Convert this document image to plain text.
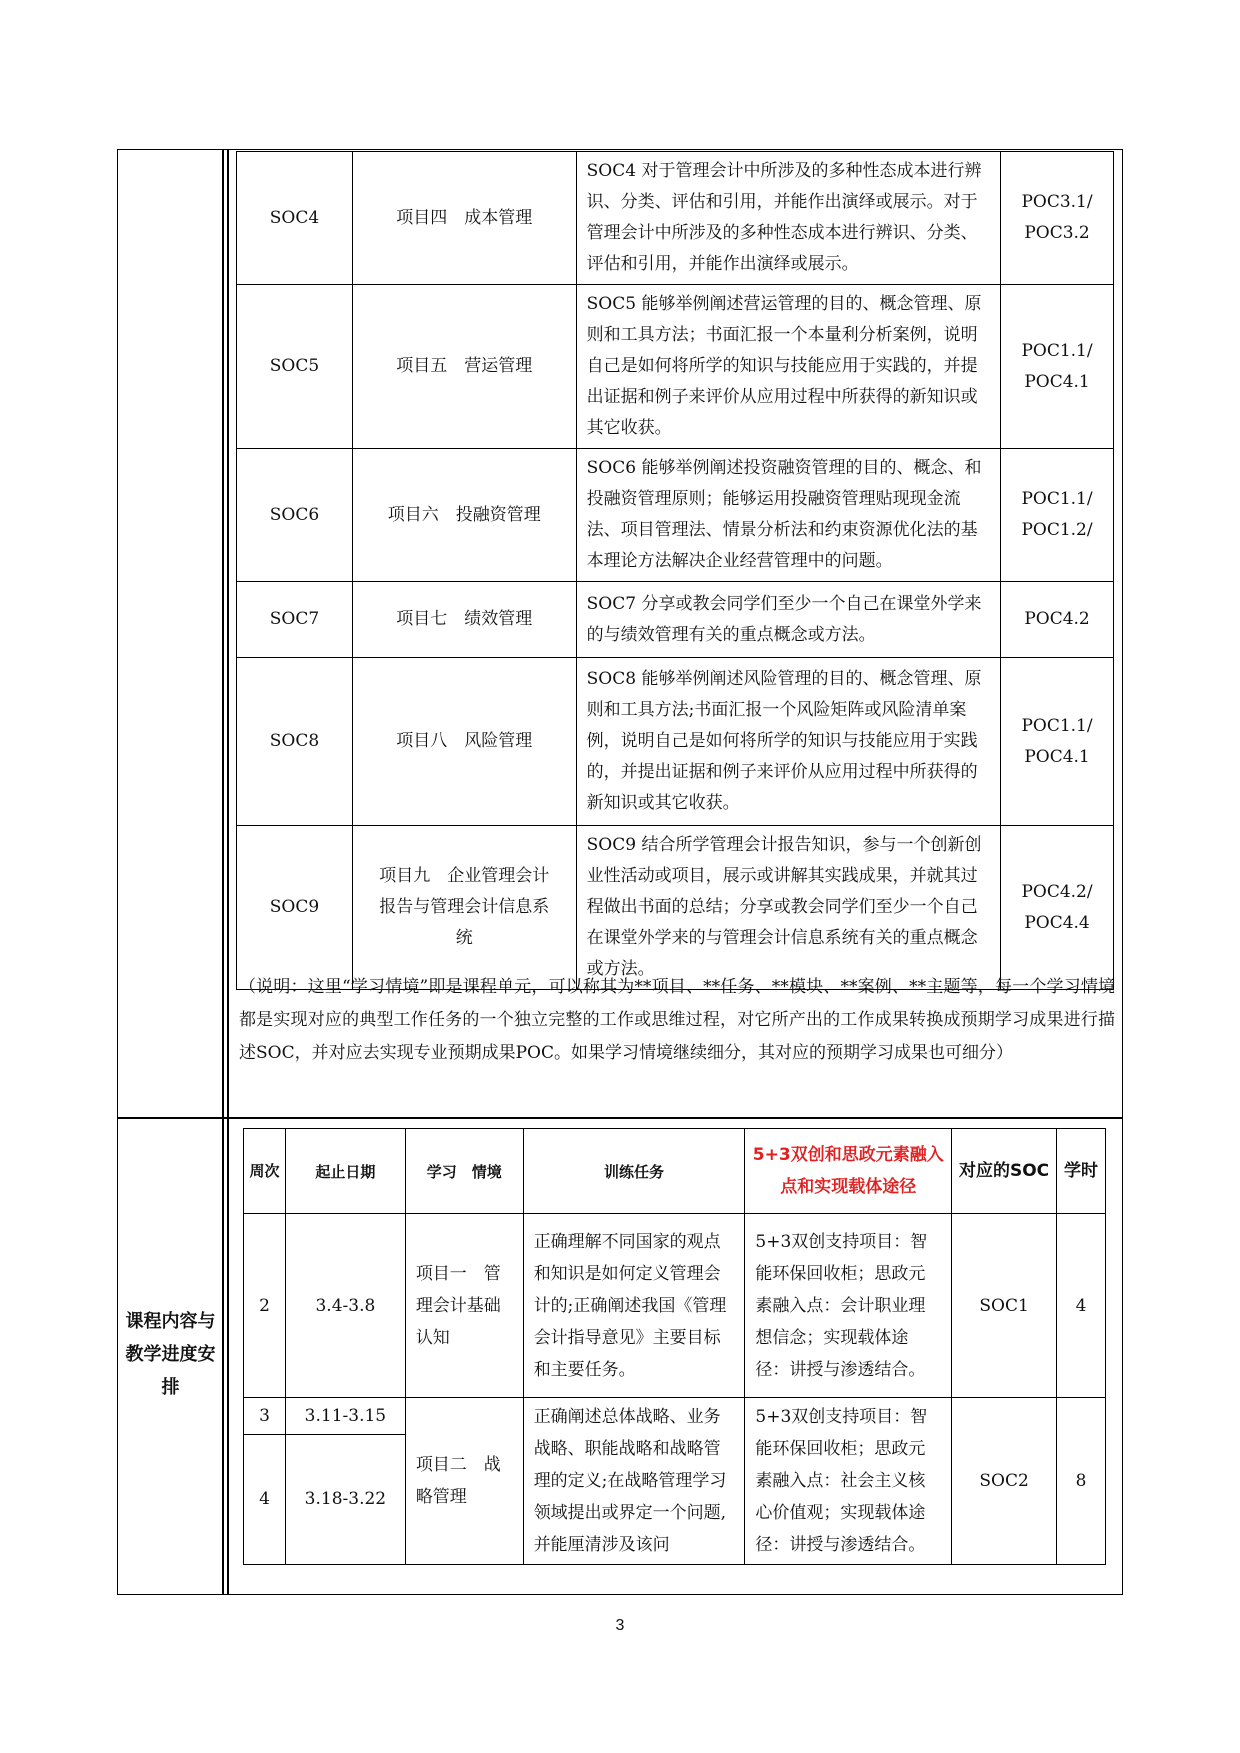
SOC4	项目四　成本管理	SOC4 对于管理会计中所涉及的多种性态成本进行辨识、分类、评估和引用，并能作出演绎或展示。对于管理会计中所涉及的多种性态成本进行辨识、分类、评估和引用，并能作出演绎或展示。	POC3.1/
POC3.2

SOC5	项目五　营运管理	SOC5 能够举例阐述营运管理的目的、概念管理、原则和工具方法；书面汇报一个本量利分析案例，说明自己是如何将所学的知识与技能应用于实践的，并提出证据和例子来评价从应用过程中所获得的新知识或其它收获。	POC1.1/
POC4.1

SOC6	项目六　投融资管理	SOC6 能够举例阐述投资融资管理的目的、概念、和投融资管理原则；能够运用投融资管理贴现现金流法、项目管理法、情景分析法和约束资源优化法的基本理论方法解决企业经营管理中的问题。	POC1.1/
POC1.2/

SOC7	项目七　绩效管理	SOC7 分享或教会同学们至少一个自己在课堂外学来的与绩效管理有关的重点概念或方法。	POC4.2

SOC8	项目八　风险管理	SOC8 能够举例阐述风险管理的目的、概念管理、原则和工具方法;书面汇报一个风险矩阵或风险清单案例，说明自己是如何将所学的知识与技能应用于实践的，并提出证据和例子来评价从应用过程中所获得的新知识或其它收获。	POC1.1/
POC4.1

SOC9	项目九　企业管理会计报告与管理会计信息系统	SOC9 结合所学管理会计报告知识，参与一个创新创业性活动或项目，展示或讲解其实践成果，并就其过程做出书面的总结；分享或教会同学们至少一个自己在课堂外学来的与管理会计信息系统有关的重点概念或方法。	POC4.2/
POC4.4
（说明：这里“学习情境”即是课程单元，可以称其为**项目、**任务、**模块、**案例、**主题等，每一个学习情境都是实现对应的典型工作任务的一个独立完整的工作或思维过程，对它所产出的工作成果转换成预期学习成果进行描述SOC，并对应去实现专业预期成果POC。如果学习情境继续细分，其对应的预期学习成果也可细分）
课程内容与教学进度安排
周次	起止日期	学习　情境	训练任务	5+3双创和思政元素融入点和实现载体途径	对应的SOC	学时
2	3.4-3.8	项目一　管理会计基础认知	正确理解不同国家的观点和知识是如何定义管理会计的;正确阐述我国《管理会计指导意见》主要目标和主要任务。	5+3双创支持项目：智能环保回收柜；思政元素融入点：会计职业理想信念；实现载体途径：讲授与渗透结合。	SOC1	4
3	3.11-3.15	项目二　战略管理	正确阐述总体战略、业务战略、职能战略和战略管理的定义;在战略管理学习领域提出或界定一个问题,并能厘清涉及该问	5+3双创支持项目：智能环保回收柜；思政元素融入点：社会主义核心价值观；实现载体途径：讲授与渗透结合。	SOC2	8
4	3.18-3.22					
3
